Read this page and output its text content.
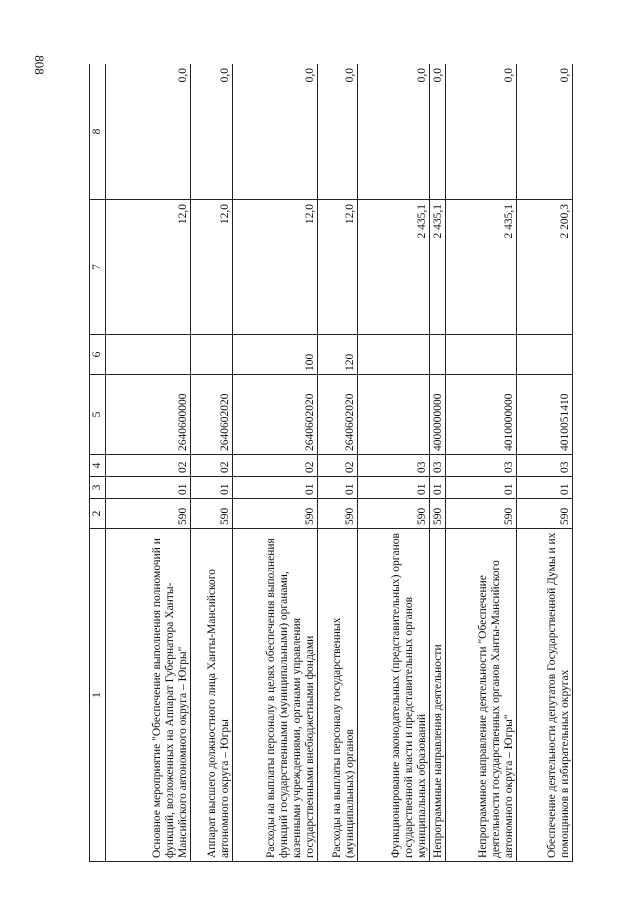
808
1	2	3	4	5	6	7	8
Основное мероприятие "Обеспечение выполнения полномочий и функций, возложенных на Аппарат Губернатора Ханты-Мансийского автономного округа – Югры"	590	01	02	2640600000		12,0	0,0
Аппарат высшего должностного лица Ханты-Мансийского автономного округа – Югры	590	01	02	2640602020		12,0	0,0
Расходы на выплаты персоналу в целях обеспечения выполнения функций государственными (муниципальными) органами, казенными учреждениями, органами управления государственными внебюджетными фондами	590	01	02	2640602020	100	12,0	0,0
Расходы на выплаты персоналу государственных (муниципальных) органов	590	01	02	2640602020	120	12,0	0,0
Функционирование законодательных (представительных) органов государственной власти и представительных органов муниципальных образований	590	01	03			2 435,1	0,0
Непрограммные направления деятельности	590	01	03	4000000000		2 435,1	0,0
Непрограммное направление деятельности "Обеспечение деятельности государственных органов Ханты-Мансийского автономного округа – Югры"	590	01	03	4010000000		2 435,1	0,0
Обеспечение деятельности депутатов Государственной Думы и их помощников в избирательных округах	590	01	03	4010051410		2 200,3	0,0
